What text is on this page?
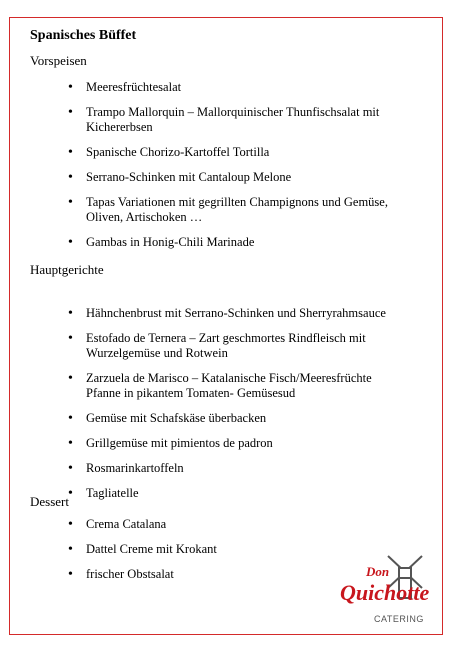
Spanisches Büffet
Vorspeisen
• Meeresfrüchtesalat
• Trampo Mallorquin – Mallorquinischer Thunfischsalat mit Kichererbsen
• Spanische Chorizo-Kartoffel Tortilla
• Serrano-Schinken mit Cantaloup Melone
• Tapas Variationen mit gegrillten Champignons und Gemüse, Oliven, Artischoken …
• Gambas in Honig-Chili Marinade
Hauptgerichte
• Hähnchenbrust mit Serrano-Schinken und Sherryrahmsauce
• Estofado de Ternera – Zart geschmortes Rindfleisch mit Wurzelgemüse und Rotwein
• Zarzuela de Marisco – Katalanische Fisch/Meeresfrüchte Pfanne in pikantem Tomaten- Gemüsesud
• Gemüse mit Schafskäse überbacken
• Grillgemüse mit pimientos de padron
• Rosmarinkartoffeln
• Tagliatelle
Dessert
• Crema Catalana
• Dattel Creme mit Krokant
• frischer Obstsalat	Don
Quichotte
CATERING
